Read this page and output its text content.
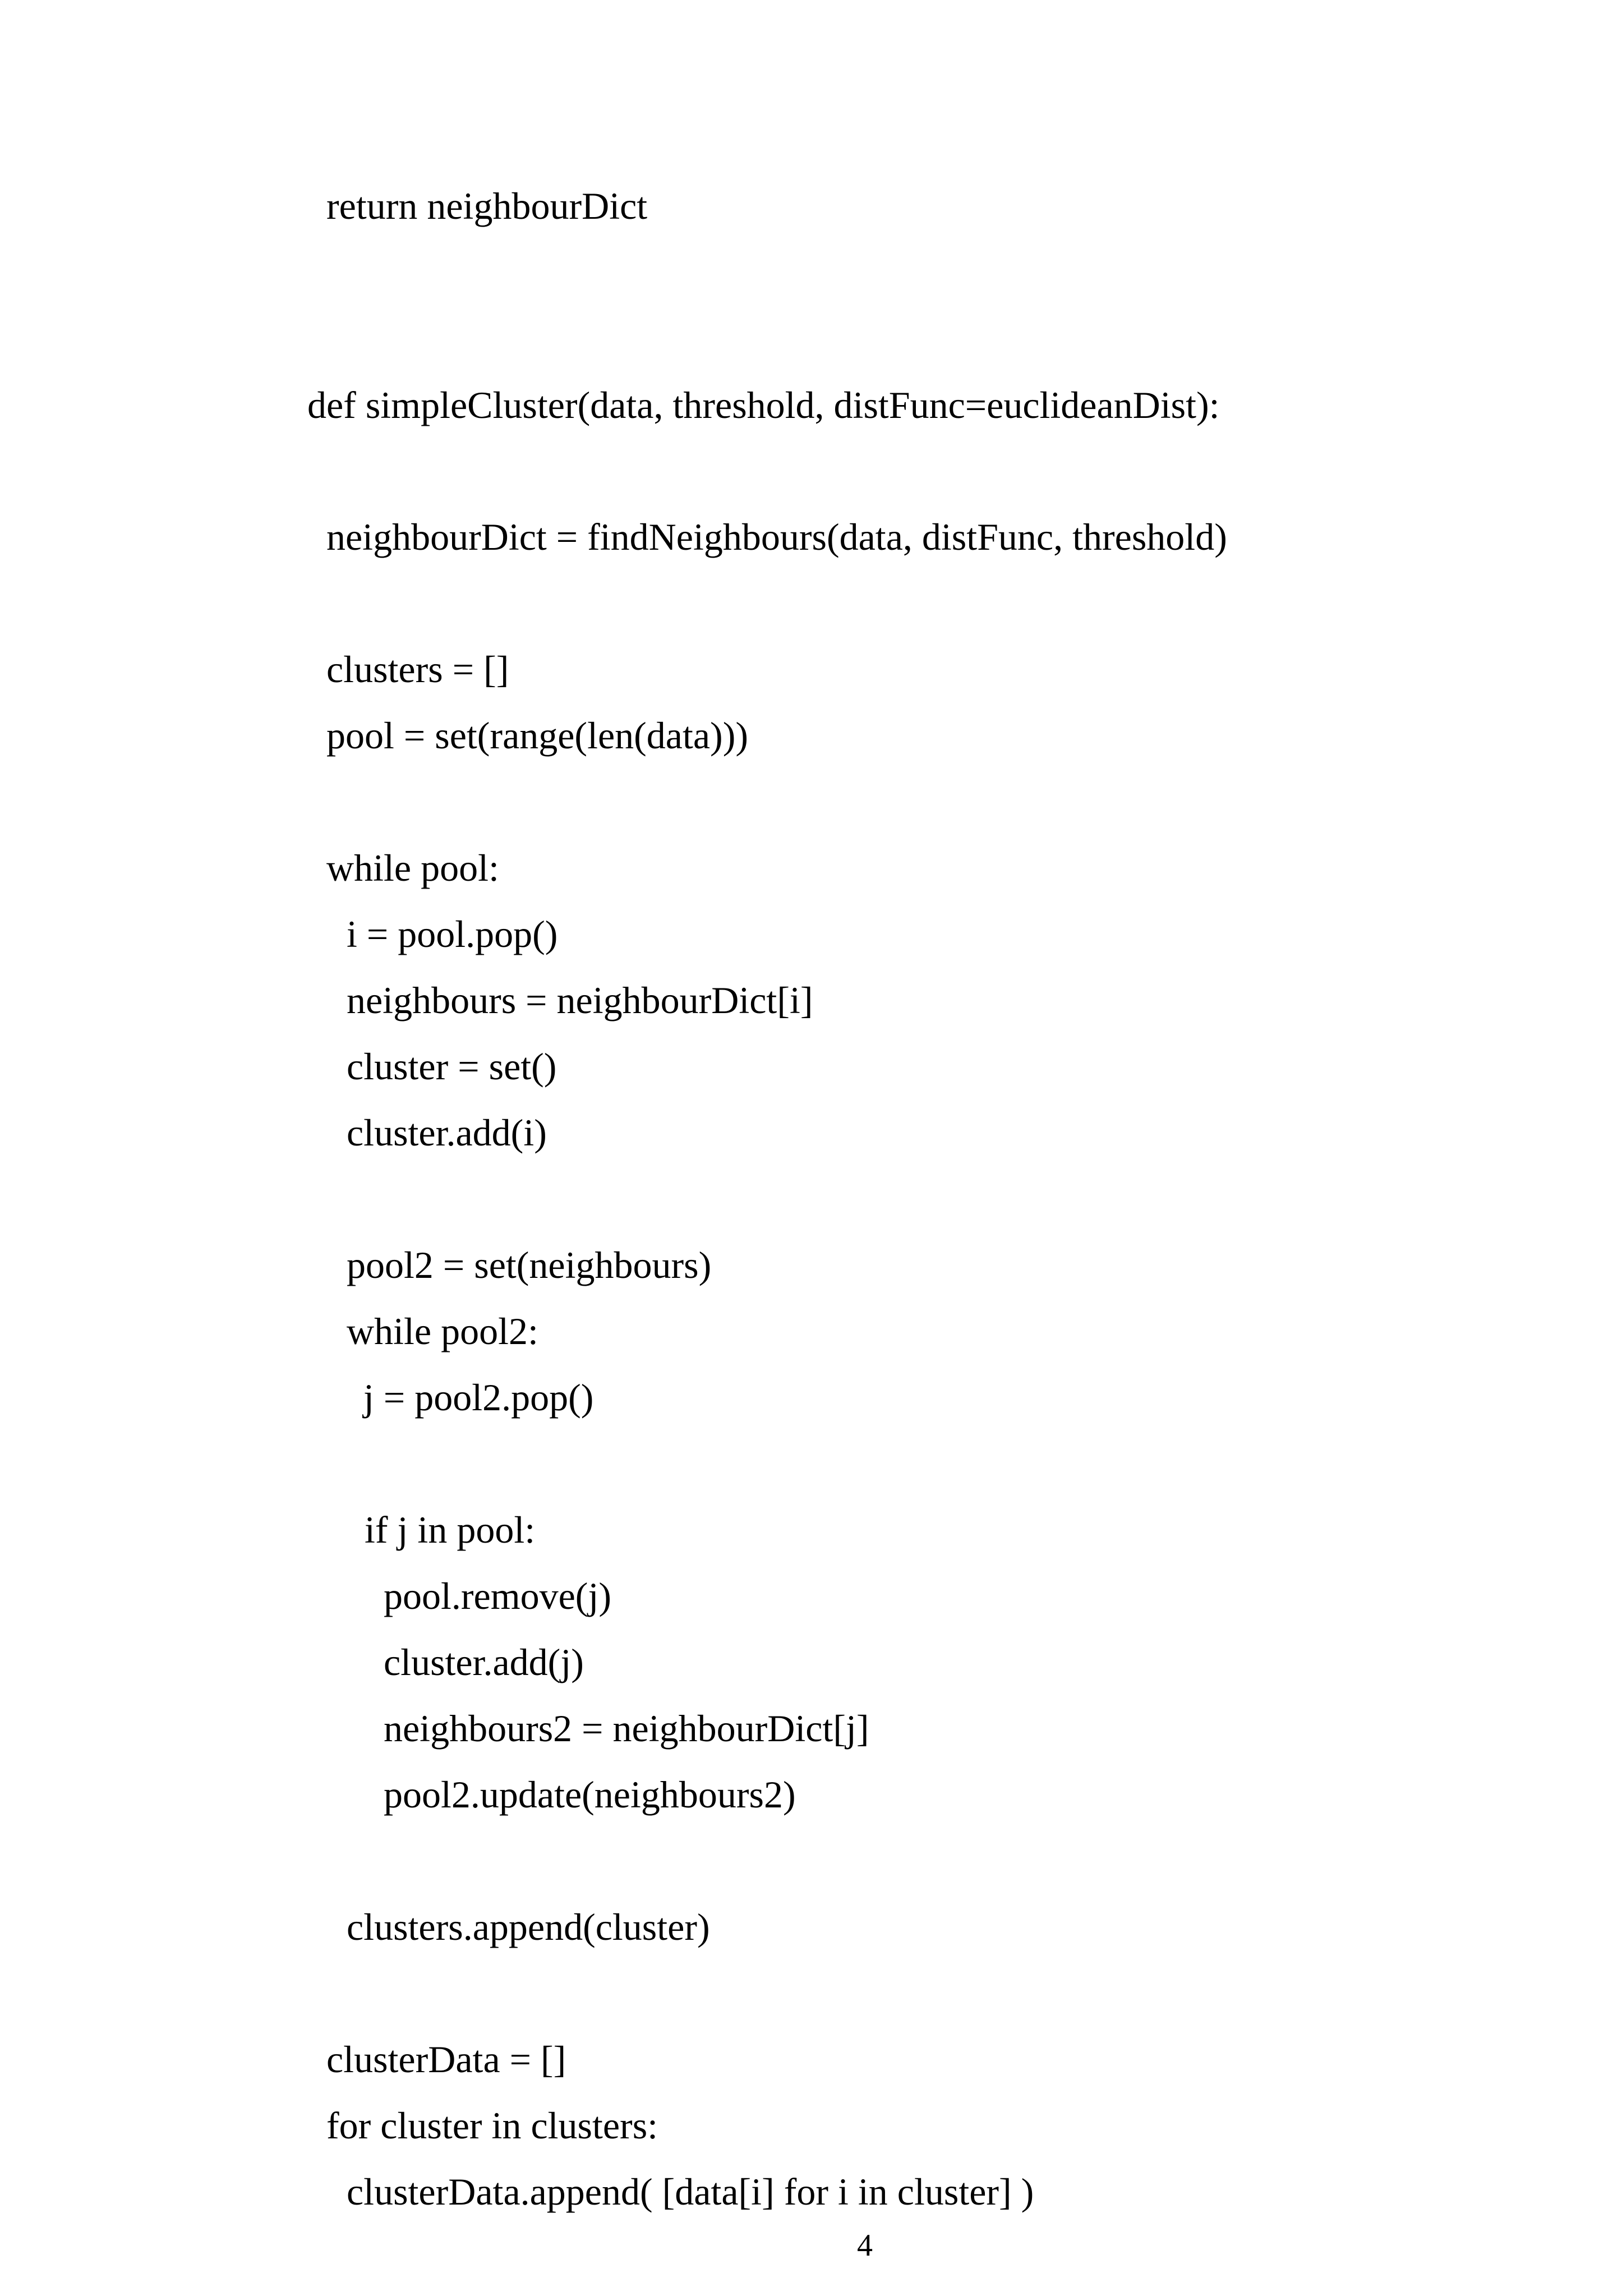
return neighbourDict

def simpleCluster(data, threshold, distFunc=euclideanDist):

neighbourDict = findNeighbours(data, distFunc, threshold)

clusters = []

pool = set(range(len(data)))

while pool:

i = pool.pop()

neighbours = neighbourDict[i]

cluster = set()

cluster.add(i)

pool2 = set(neighbours)

while pool2:

j = pool2.pop()

if j in pool:

pool.remove(j)

cluster.add(j)

neighbours2 = neighbourDict[j]

pool2.update(neighbours2)

clusters.append(cluster)

clusterData = []

for cluster in clusters:

clusterData.append( [data[i] for i in cluster] )

4
